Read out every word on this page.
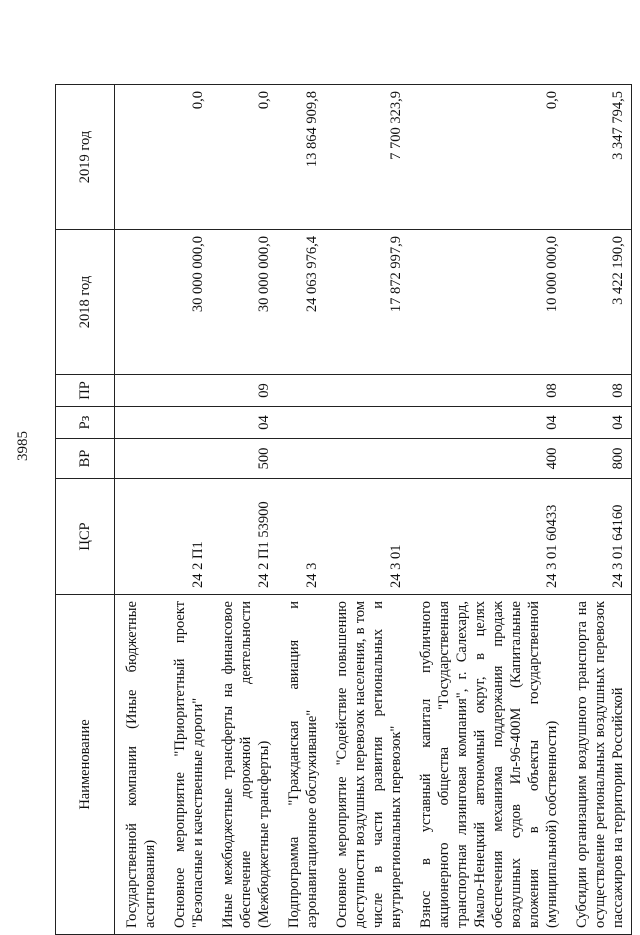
3985
Наименование	ЦСР	ВР	Рз	ПР	2018 год	2019 год
Государственной компании (Иные бюджетные ассигнования)						
Основное мероприятие "Приоритетный проект "Безопасные и качественные дороги"	24 2 П1				30 000 000,0	0,0
Иные межбюджетные трансферты на финансовое обеспечение дорожной деятельности (Межбюджетные трансферты)	24 2 П1 53900	500	04	09	30 000 000,0	0,0
Подпрограмма "Гражданская авиация и аэронавигационное обслуживание"	24 3				24 063 976,4	13 864 909,8
Основное мероприятие "Содействие повышению доступности воздушных перевозок населения, в том числе в части развития региональных и внутрирегиональных перевозок"	24 3 01				17 872 997,9	7 700 323,9
Взнос в уставный капитал публичного акционерного общества "Государственная транспортная лизинговая компания", г. Салехард, Ямало-Ненецкий автономный округ, в целях обеспечения механизма поддержания продаж воздушных судов Ил-96-400М (Капитальные вложения в объекты государственной (муниципальной) собственности)	24 3 01 60433	400	04	08	10 000 000,0	0,0
Субсидии организациям воздушного транспорта на осуществление региональных воздушных перевозок пассажиров на территории Российской	24 3 01 64160	800	04	08	3 422 190,0	3 347 794,5
